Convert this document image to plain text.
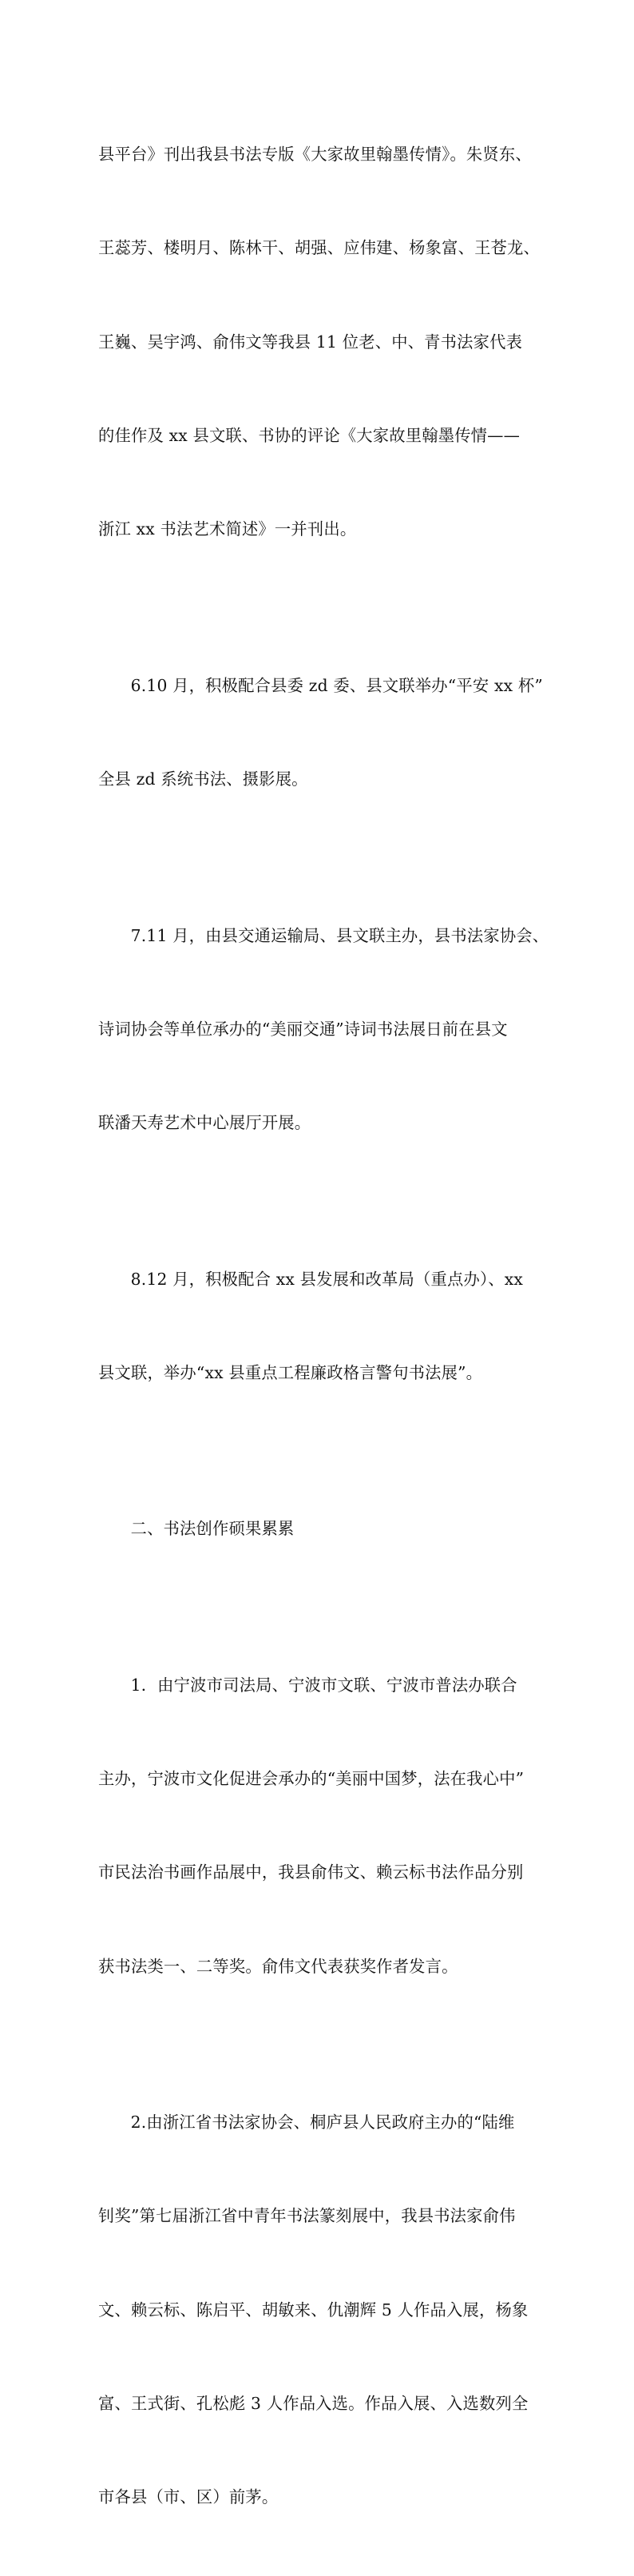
县平台》刊出我县书法专版《大家故里翰墨传情》。朱贤东、

王蕊芳、楼明月、陈林干、胡强、应伟建、杨象富、王苍龙、

王巍、吴宇鸿、俞伟文等我县 11 位老、中、青书法家代表

的佳作及 xx 县文联、书协的评论《大家故里翰墨传情——

浙江 xx 书法艺术简述》一并刊出。

6.10 月，积极配合县委 zd 委、县文联举办“平安 xx 杯”

全县 zd 系统书法、摄影展。

7.11 月，由县交通运输局、县文联主办，县书法家协会、

诗词协会等单位承办的“美丽交通”诗词书法展日前在县文

联潘天寿艺术中心展厅开展。

8.12 月，积极配合 xx 县发展和改革局（重点办）、xx

县文联，举办“xx 县重点工程廉政格言警句书法展”。

二、书法创作硕果累累

1．由宁波市司法局、宁波市文联、宁波市普法办联合

主办，宁波市文化促进会承办的“美丽中国梦，法在我心中”

市民法治书画作品展中，我县俞伟文、赖云标书法作品分别

获书法类一、二等奖。俞伟文代表获奖作者发言。

2.由浙江省书法家协会、桐庐县人民政府主办的“陆维

钊奖”第七届浙江省中青年书法篆刻展中，我县书法家俞伟

文、赖云标、陈启平、胡敏来、仇潮辉 5 人作品入展，杨象

富、王式街、孔松彪 3 人作品入选。作品入展、入选数列全

市各县（市、区）前茅。
